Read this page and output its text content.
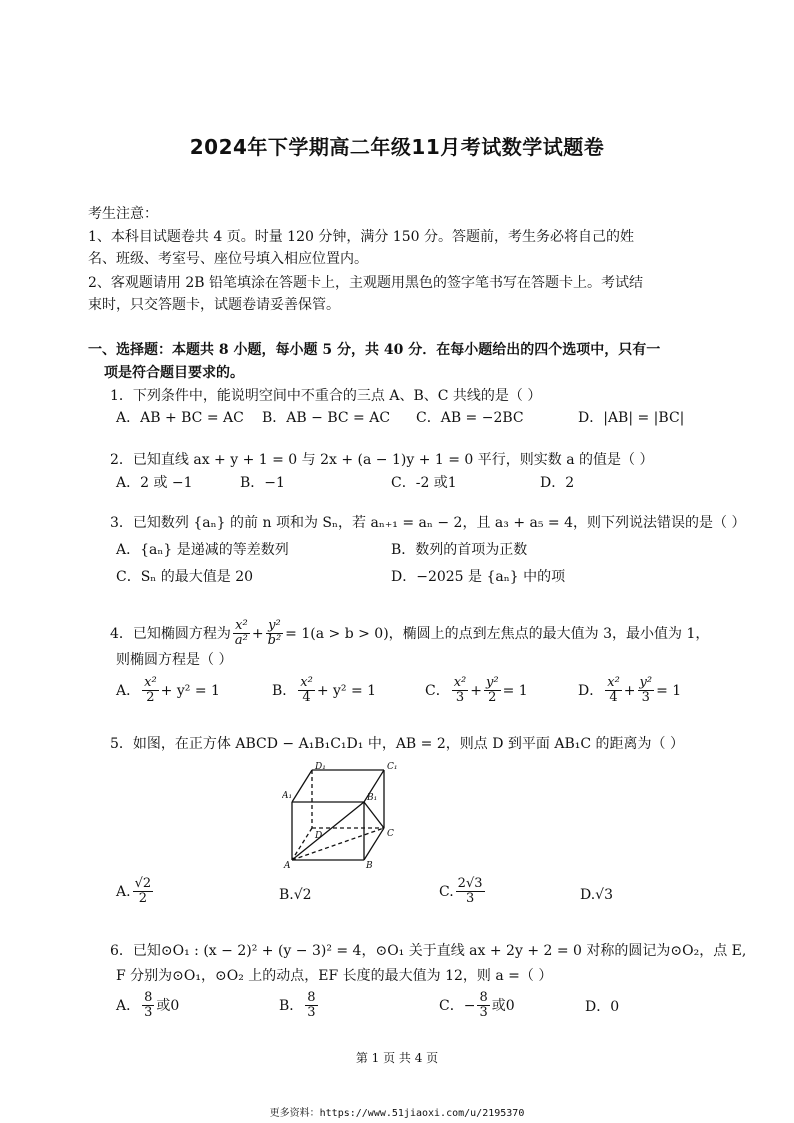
2024年下学期高二年级11月考试数学试题卷
考生注意：
1、本科目试题卷共 4 页。时量 120 分钟，满分 150 分。答题前，考生务必将自己的姓
名、班级、考室号、座位号填入相应位置内。
2、客观题请用 2B 铅笔填涂在答题卡上，主观题用黑色的签字笔书写在答题卡上。考试结
束时，只交答题卡，试题卷请妥善保管。
一、选择题：本题共 8 小题，每小题 5 分，共 40 分．在每小题给出的四个选项中，只有一
项是符合题目要求的。
1．下列条件中，能说明空间中不重合的三点 A、B、C 共线的是（ ）
A．AB + BC = AC B．AB − BC = AC C．AB = −2BC	D．|AB| = |BC|
2．已知直线 ax + y + 1 = 0 与 2x + (a − 1)y + 1 = 0 平行，则实数 a 的值是（ ）
A．2 或 −1	B．−1	C．-2 或1	D．2
3．已知数列 {aₙ} 的前 n 项和为 Sₙ，若 aₙ₊₁ = aₙ − 2，且 a₃ + a₅ = 4，则下列说法错误的是（ ）
A．{aₙ} 是递减的等差数列	B．数列的首项为正数
C．Sₙ 的最大值是 20	D．−2025 是 {aₙ} 中的项
4．已知椭圆方程为 $\frac{\text{x²}}{\text{a²}} + \frac{\text{y²}}{\text{b²}} = 1(a > b > 0)$，椭圆上的点到左焦点的最大值为 3，最小值为 1，
则椭圆方程是（ ）
A． $\frac{\text{x²}}{2} + y^2 = 1$	B． $\frac{\text{x²}}{4} + y^2 = 1$	C． $\frac{\text{x²}}{3} + \frac{\text{y²}}{2} = 1$	D． $\frac{\text{x²}}{4} + \frac{\text{y²}}{3} = 1$
5．如图，在正方体 ABCD − A₁B₁C₁D₁ 中，AB = 2，则点 D 到平面 AB₁C 的距离为（ ）
D₁	C₁
A₁	B₁
D	C
A	B
A. $\frac{√2}{2}$	B.√2	C. $\frac{2√3}{3}$	D.√3
6．已知⊙O₁ : (x − 2)² + (y − 3)² = 4，⊙O₁ 关于直线 ax + 2y + 2 = 0 对称的圆记为⊙O₂，点 E,
F 分别为⊙O₁，⊙O₂ 上的动点，EF 长度的最大值为 12，则 a =（ ）
A． $\frac{8}{3}$ 或0	B． $\frac{8}{3}$	C． − $\frac{8}{3}$ 或0	D．0
第 1 页 共 4 页
更多资料：https://www.51jiaoxi.com/u/2195370
